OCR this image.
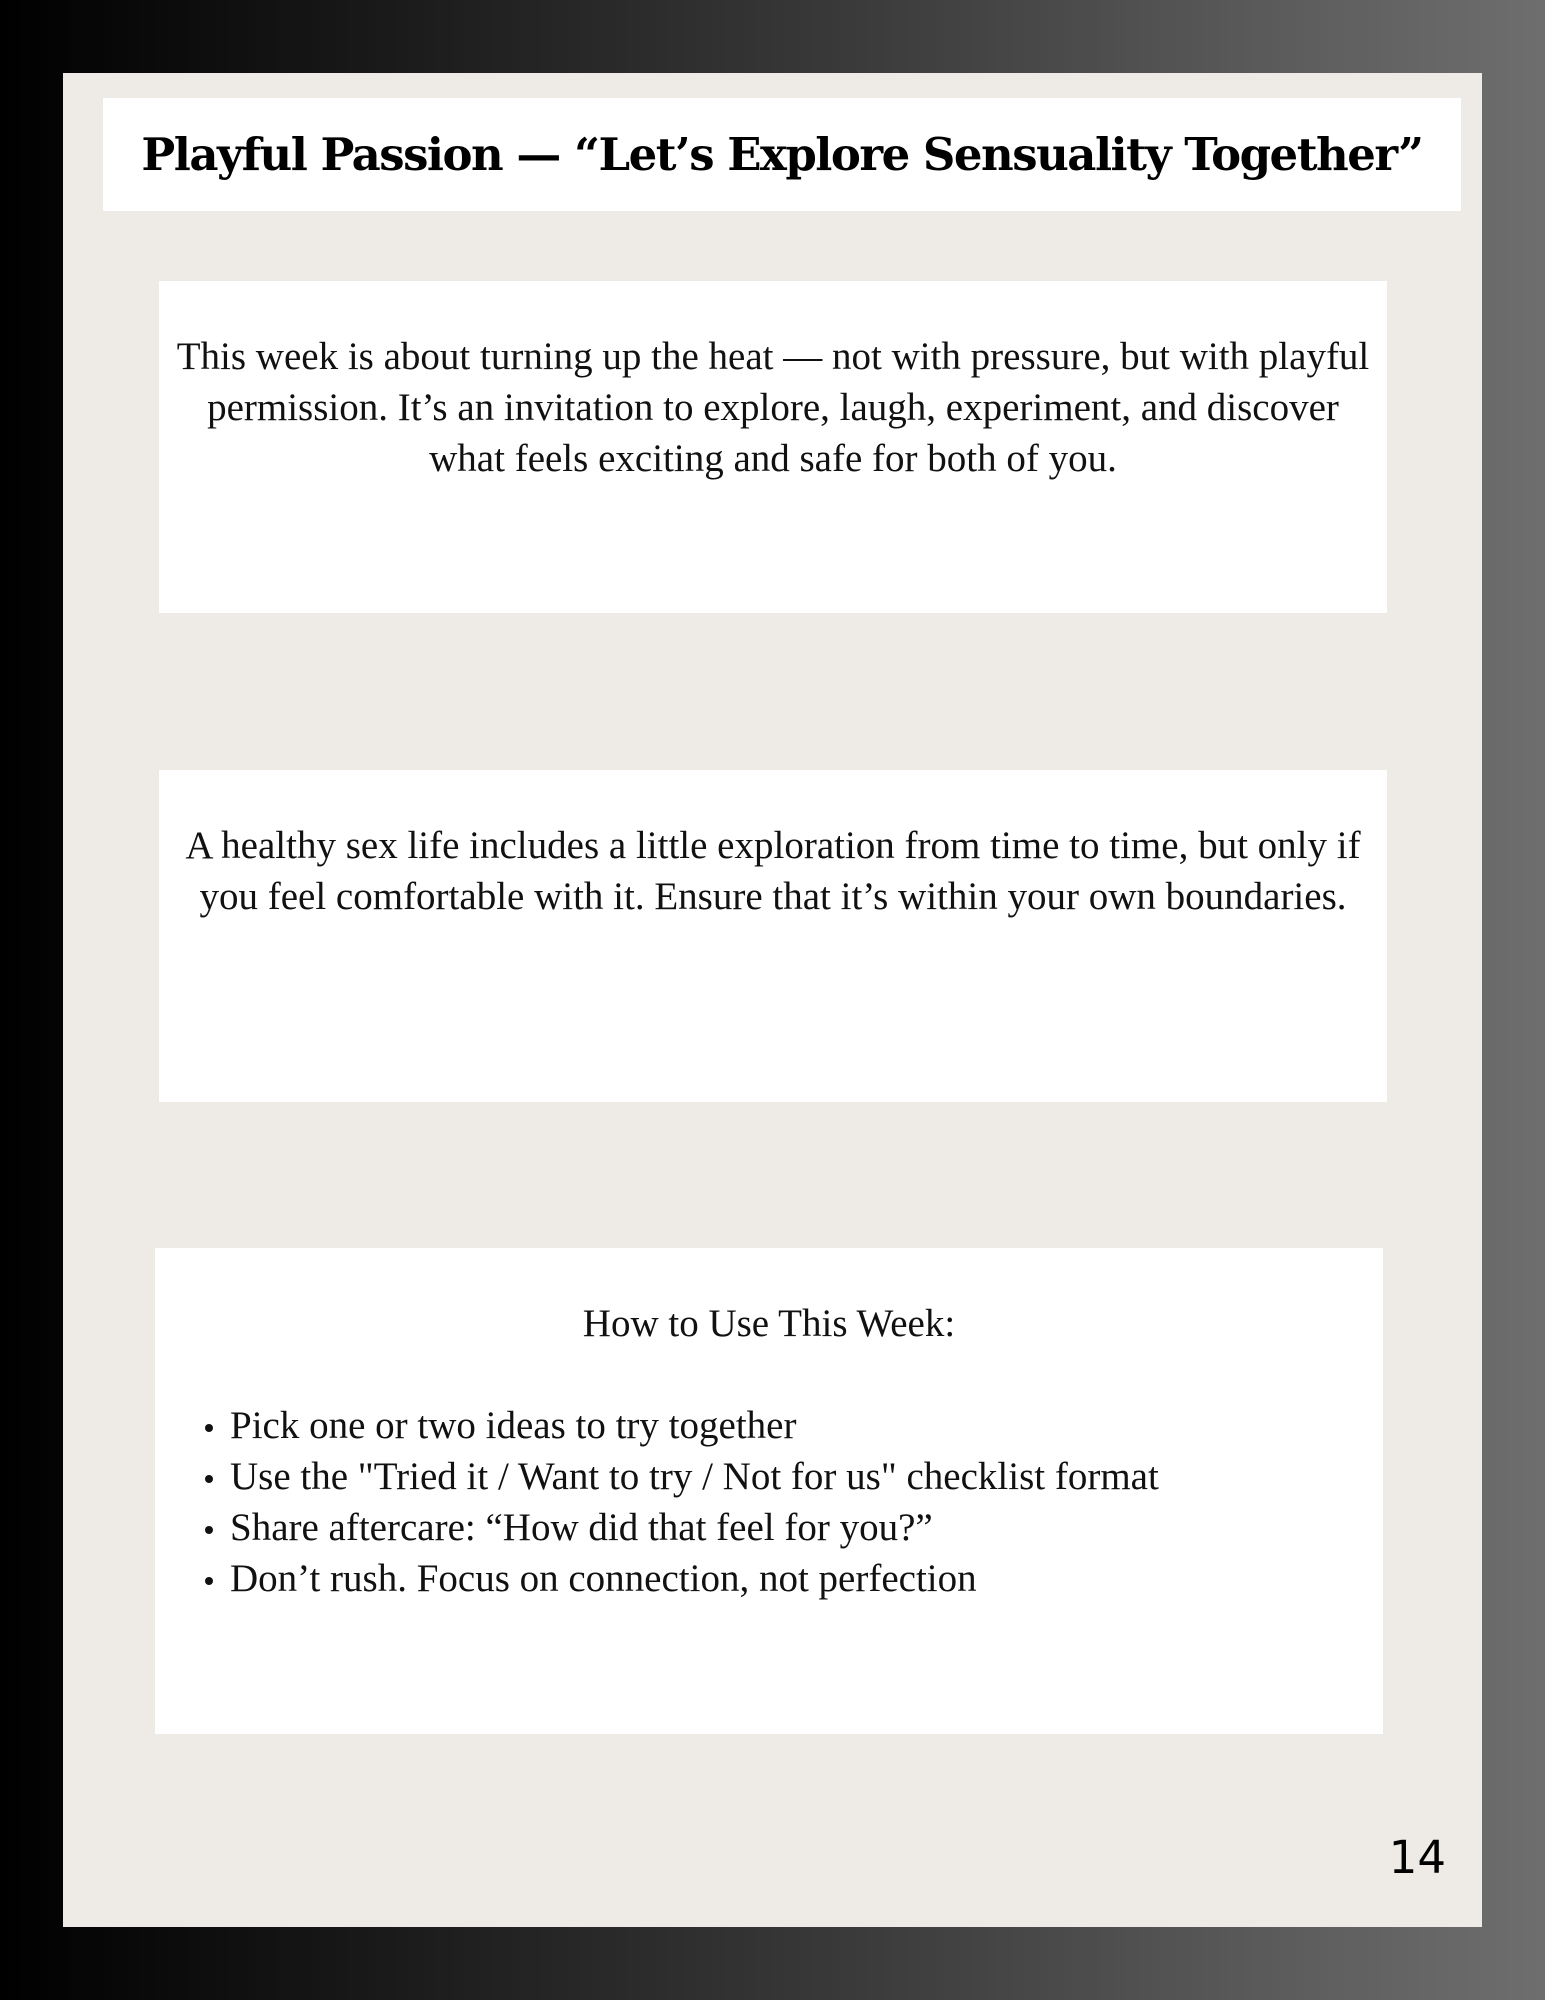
Playful Passion — “Let’s Explore Sensuality Together”

This week is about turning up the heat — not with pressure, but with playful permission. It’s an invitation to explore, laugh, experiment, and discover what feels exciting and safe for both of you.

A healthy sex life includes a little exploration from time to time, but only if you feel comfortable with it. Ensure that it’s within your own boundaries.

How to Use This Week:

Pick one or two ideas to try together
Use the "Tried it / Want to try / Not for us" checklist format
Share aftercare: “How did that feel for you?”
Don’t rush. Focus on connection, not perfection
14
